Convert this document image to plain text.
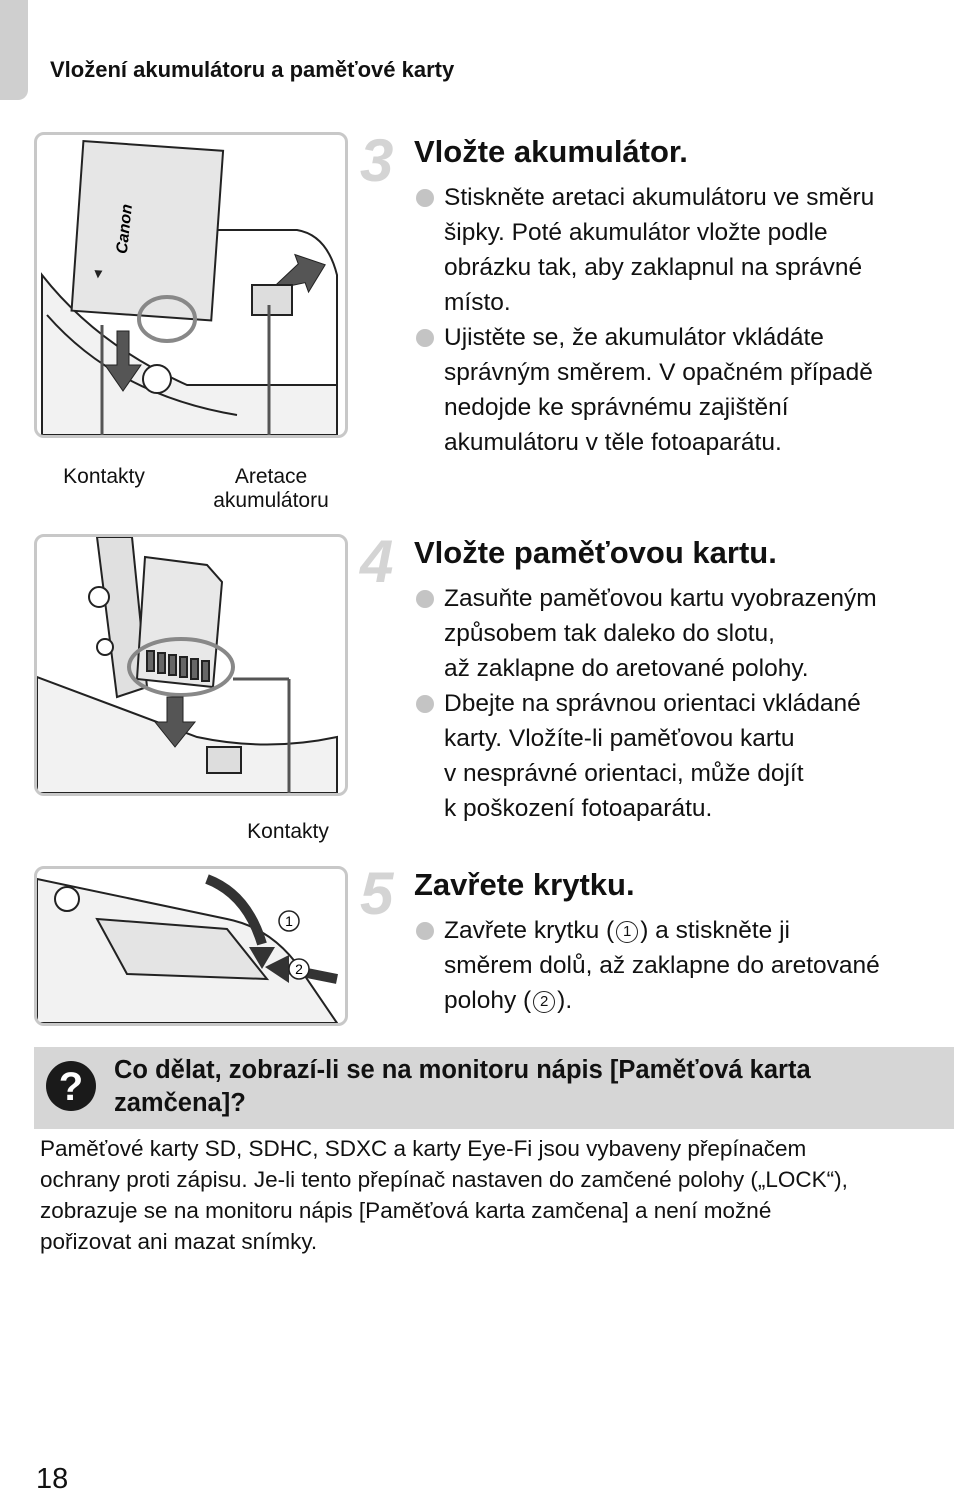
Vložení akumulátoru a paměťové karty
Canon
Kontakty	Aretace
akumulátoru
Kontakty
1
2
3 Vložte akumulátor.
Stiskněte aretaci akumulátoru ve směru
šipky. Poté akumulátor vložte podle
obrázku tak, aby zaklapnul na správné
místo.
Ujistěte se, že akumulátor vkládáte
správným směrem. V opačném případě
nedojde ke správnému zajištění
akumulátoru v těle fotoaparátu.
4 Vložte paměťovou kartu.
Zasuňte paměťovou kartu vyobrazeným
způsobem tak daleko do slotu,
až zaklapne do aretované polohy.
Dbejte na správnou orientaci vkládané
karty. Vložíte-li paměťovou kartu
v nesprávné orientaci, může dojít
k poškození fotoaparátu.
5 Zavřete krytku.
Zavřete krytku ( 1 ) a stiskněte ji
směrem dolů, až zaklapne do aretované
polohy ( 2 ).
?	Co dělat, zobrazí-li se na monitoru nápis [Paměťová karta zamčena]?
Paměťové karty SD, SDHC, SDXC a karty Eye-Fi jsou vybaveny přepínačem
ochrany proti zápisu. Je-li tento přepínač nastaven do zamčené polohy („LOCK“),
zobrazuje se na monitoru nápis [Paměťová karta zamčena] a není možné
pořizovat ani mazat snímky.
18
